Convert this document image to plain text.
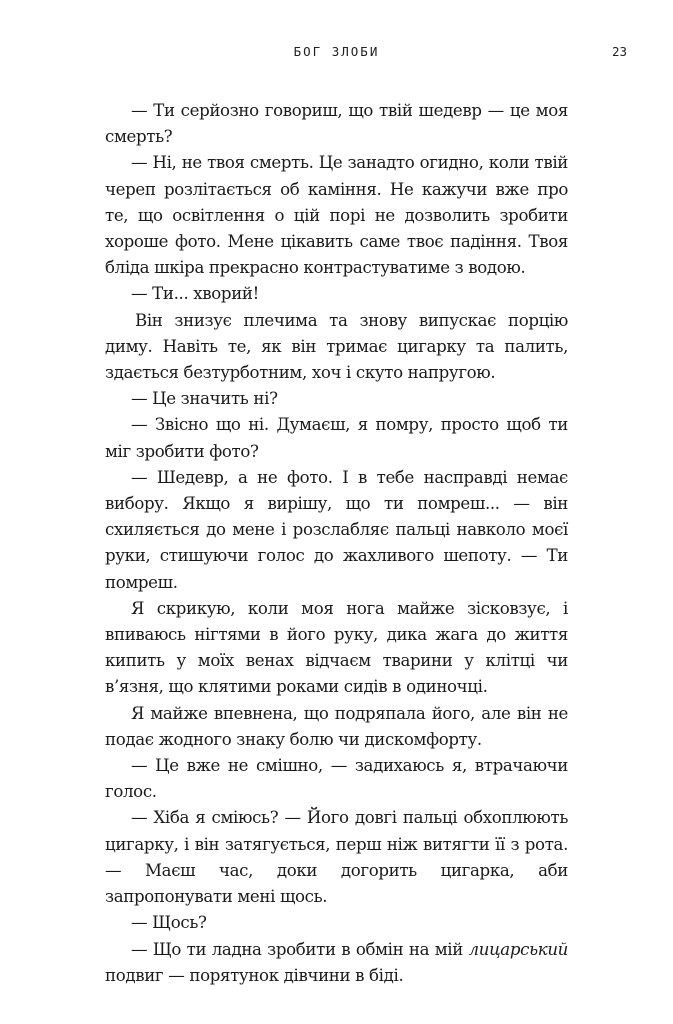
БОГ ЗЛОБИ	23

— Ти серйозно говориш, що твій шедевр — це моя смерть?

— Ні, не твоя смерть. Це занадто огидно, коли твій череп розлітається об каміння. Не кажучи вже про те, що освітлення о цій порі не дозволить зробити хороше фото. Мене цікавить саме твоє падіння. Твоя бліда шкіра прекрасно контрастуватиме з водою.

— Ти... хворий!

Він знизує плечима та знову випускає порцію диму. Навіть те, як він тримає цигарку та палить, здається безтурботним, хоч і скуто напругою.

— Це значить ні?

— Звісно що ні. Думаєш, я помру, просто щоб ти міг зробити фото?

— Шедевр, а не фото. І в тебе насправді немає вибору. Якщо я вирішу, що ти помреш... — він схиляється до мене і розслабляє пальці навколо моєї руки, стишуючи голос до жахливого шепоту. — Ти помреш.

Я скрикую, коли моя нога майже зісковзує, і впиваюсь нігтями в його руку, дика жага до життя кипить у моїх венах відчаєм тварини у клітці чи в’язня, що клятими роками сидів в одиночці.

Я майже впевнена, що подряпала його, але він не подає жодного знаку болю чи дискомфорту.

— Це вже не смішно, — задихаюсь я, втрачаючи голос.

— Хіба я сміюсь? — Його довгі пальці обхоплюють цигарку, і він затягується, перш ніж витягти її з рота. — Маєш час, доки догорить цигарка, аби запропонувати мені щось.

— Щось?

— Що ти ладна зробити в обмін на мій лицарський подвиг — порятунок дівчини в біді.
